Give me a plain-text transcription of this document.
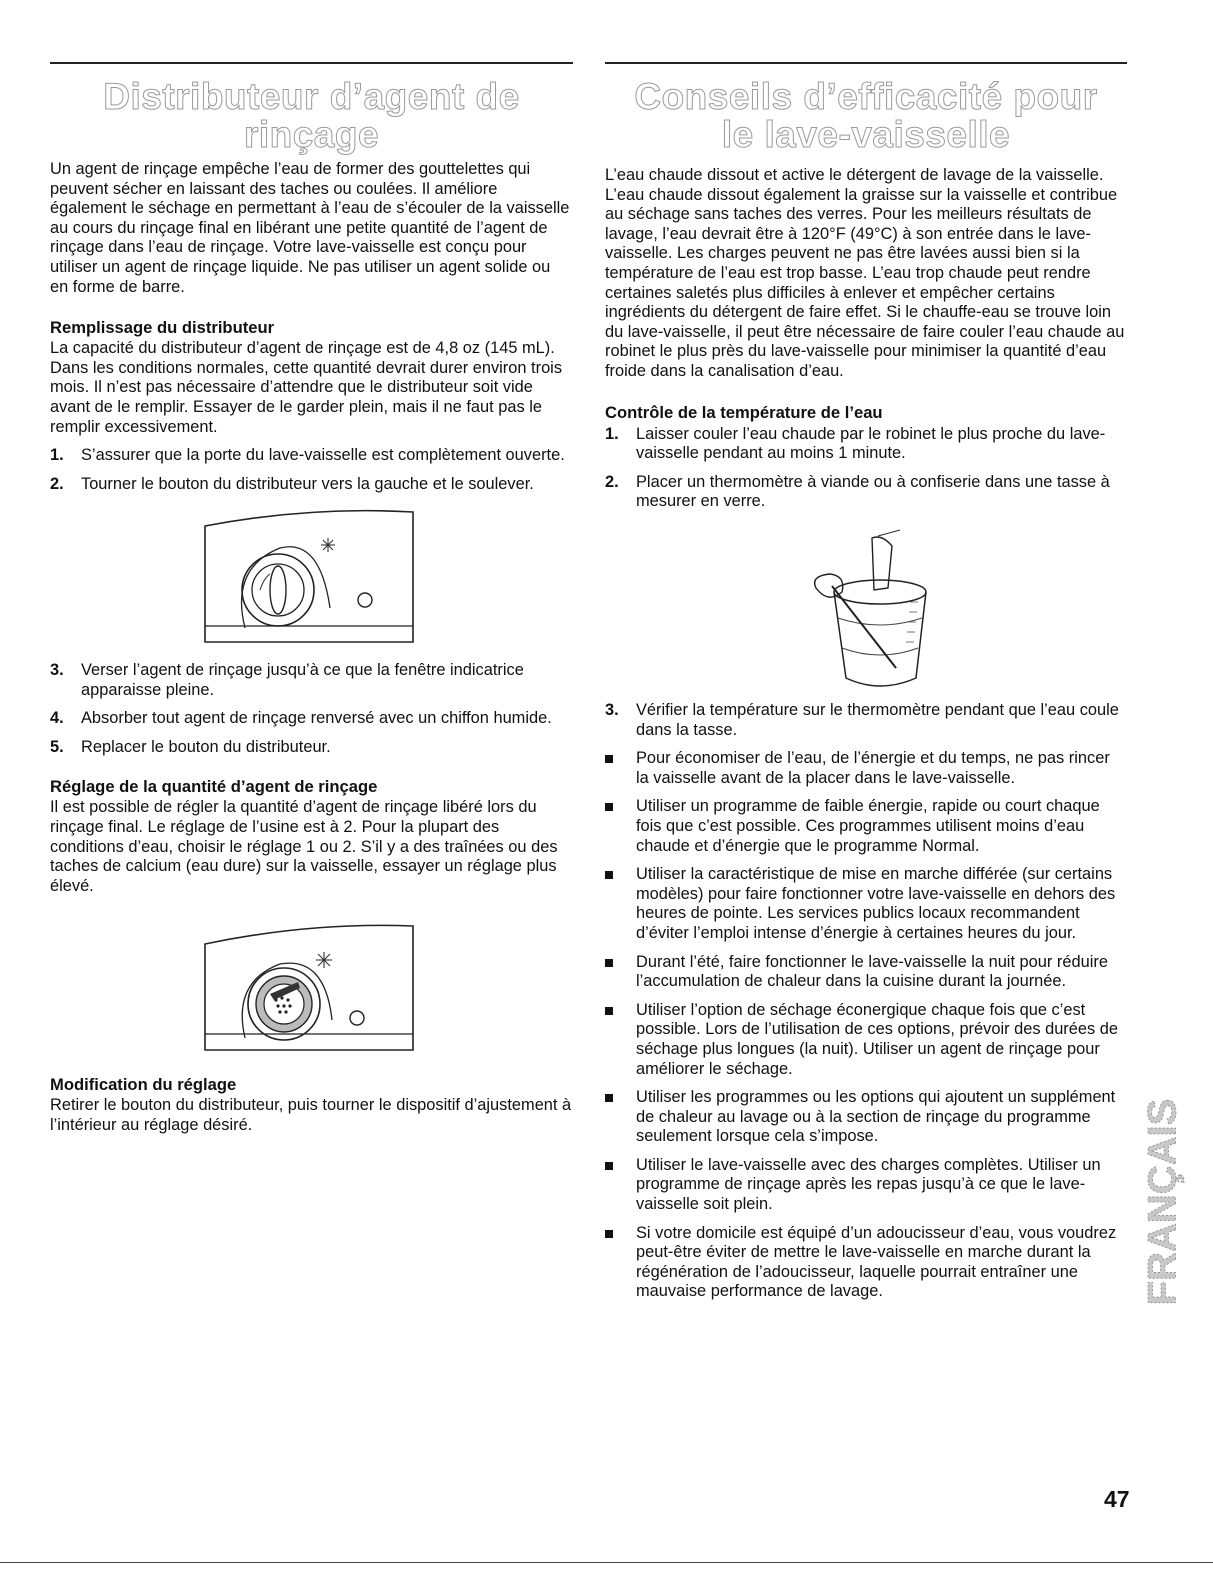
Distributeur d’agent de rinçage

Un agent de rinçage empêche l’eau de former des gouttelettes qui peuvent sécher en laissant des taches ou coulées. Il améliore également le séchage en permettant à l’eau de s’écouler de la vaisselle au cours du rinçage final en libérant une petite quantité de l’agent de rinçage dans l’eau de rinçage. Votre lave-vaisselle est conçu pour utiliser un agent de rinçage liquide. Ne pas utiliser un agent solide ou en forme de barre.

Remplissage du distributeur

La capacité du distributeur d’agent de rinçage est de 4,8 oz (145 mL). Dans les conditions normales, cette quantité devrait durer environ trois mois. Il n’est pas nécessaire d’attendre que le distributeur soit vide avant de le remplir. Essayer de le garder plein, mais il ne faut pas le remplir excessivement.

1. S’assurer que la porte du lave-vaisselle est complètement ouverte.
2. Tourner le bouton du distributeur vers la gauche et le soulever.
3. Verser l’agent de rinçage jusqu’à ce que la fenêtre indicatrice apparaisse pleine.
4. Absorber tout agent de rinçage renversé avec un chiffon humide.
5. Replacer le bouton du distributeur.
Réglage de la quantité d’agent de rinçage

Il est possible de régler la quantité d’agent de rinçage libéré lors du rinçage final. Le réglage de l’usine est à 2. Pour la plupart des conditions d’eau, choisir le réglage 1 ou 2. S’il y a des traînées ou des taches de calcium (eau dure) sur la vaisselle, essayer un réglage plus élevé.

Modification du réglage

Retirer le bouton du distributeur, puis tourner le dispositif d’ajustement à l’intérieur au réglage désiré.

Conseils d’efficacité pour
le lave-vaisselle

L’eau chaude dissout et active le détergent de lavage de la vaisselle. L’eau chaude dissout également la graisse sur la vaisselle et contribue au séchage sans taches des verres. Pour les meilleurs résultats de lavage, l’eau devrait être à 120°F (49°C) à son entrée dans le lave-vaisselle. Les charges peuvent ne pas être lavées aussi bien si la température de l’eau est trop basse. L’eau trop chaude peut rendre certaines saletés plus difficiles à enlever et empêcher certains ingrédients du détergent de faire effet. Si le chauffe-eau se trouve loin du lave-vaisselle, il peut être nécessaire de faire couler l’eau chaude au robinet le plus près du lave-vaisselle pour minimiser la quantité d’eau froide dans la canalisation d’eau.

Contrôle de la température de l’eau
1. Laisser couler l’eau chaude par le robinet le plus proche du lave-vaisselle pendant au moins 1 minute.
2. Placer un thermomètre à viande ou à confiserie dans une tasse à mesurer en verre.
3. Vérifier la température sur le thermomètre pendant que l’eau coule dans la tasse.
Pour économiser de l’eau, de l’énergie et du temps, ne pas rincer la vaisselle avant de la placer dans le lave-vaisselle.
Utiliser un programme de faible énergie, rapide ou court chaque fois que c’est possible. Ces programmes utilisent moins d’eau chaude et d’énergie que le programme Normal.
Utiliser la caractéristique de mise en marche différée (sur certains modèles) pour faire fonctionner votre lave-vaisselle en dehors des heures de pointe. Les services publics locaux recommandent d’éviter l’emploi intense d’énergie à certaines heures du jour.
Durant l’été, faire fonctionner le lave-vaisselle la nuit pour réduire l’accumulation de chaleur dans la cuisine durant la journée.
Utiliser l’option de séchage éconergique chaque fois que c’est possible. Lors de l’utilisation de ces options, prévoir des durées de séchage plus longues (la nuit). Utiliser un agent de rinçage pour améliorer le séchage.
Utiliser les programmes ou les options qui ajoutent un supplément de chaleur au lavage ou à la section de rinçage du programme seulement lorsque cela s’impose.
Utiliser le lave-vaisselle avec des charges complètes. Utiliser un programme de rinçage après les repas jusqu’à ce que le lave-vaisselle soit plein.
Si votre domicile est équipé d’un adoucisseur d’eau, vous voudrez peut-être éviter de mettre le lave-vaisselle en marche durant la régénération de l’adoucisseur, laquelle pourrait entraîner une mauvaise performance de lavage.	FRANÇAIS
47
